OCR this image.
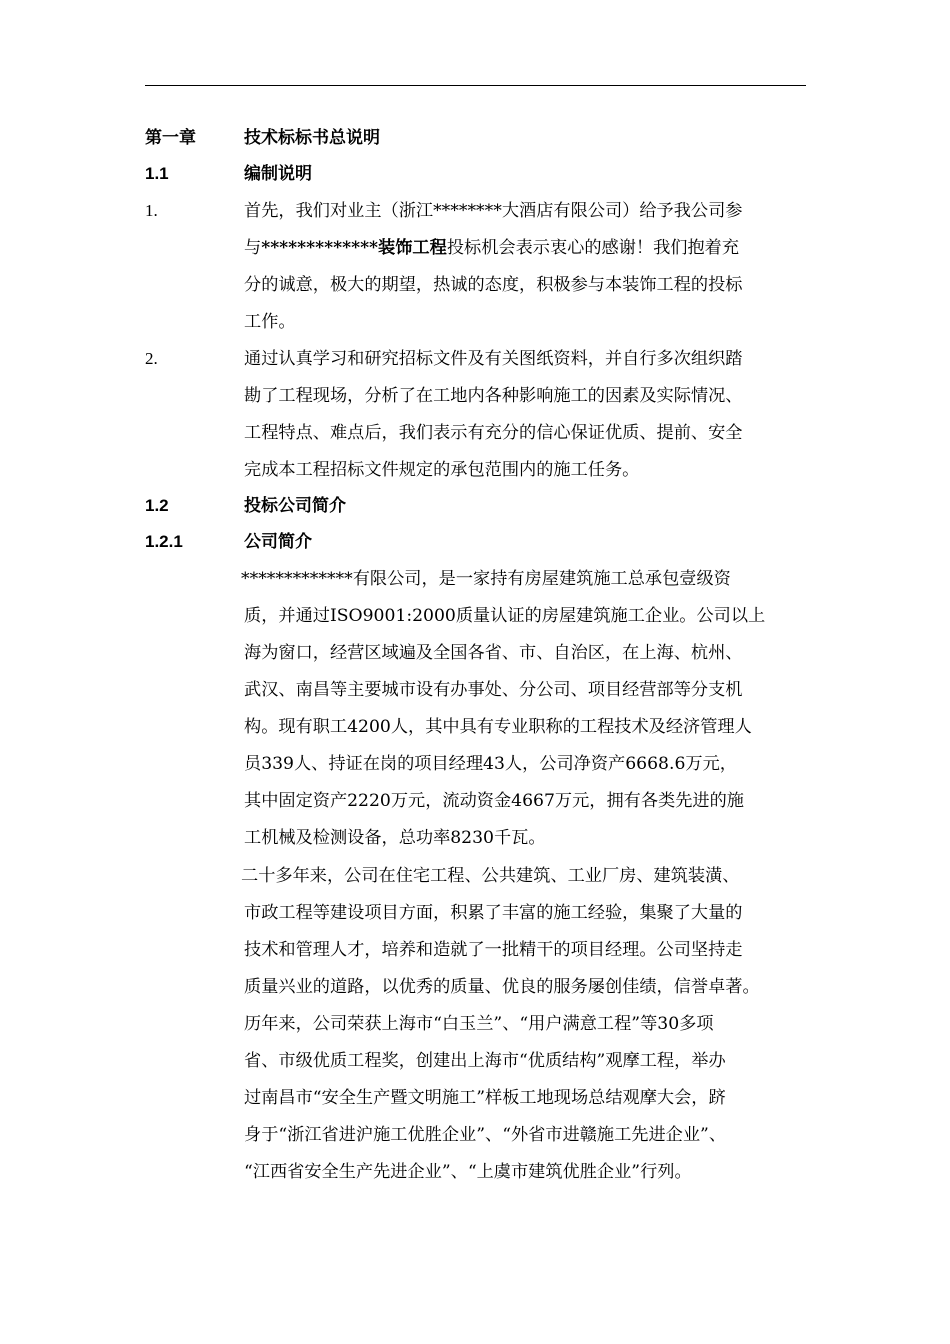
第一章	技术标标书总说明
1.1	编制说明
1.	首先，我们对业主（浙江********大酒店有限公司）给予我公司参
与*************装饰工程投标机会表示衷心的感谢！我们抱着充
分的诚意，极大的期望，热诚的态度，积极参与本装饰工程的投标
工作。
2.	通过认真学习和研究招标文件及有关图纸资料，并自行多次组织踏
勘了工程现场，分析了在工地内各种影响施工的因素及实际情况、
工程特点、难点后，我们表示有充分的信心保证优质、提前、安全
完成本工程招标文件规定的承包范围内的施工任务。
1.2	投标公司简介
1.2.1	公司简介
*************有限公司，是一家持有房屋建筑施工总承包壹级资
质，并通过ISO9001:2000质量认证的房屋建筑施工企业。公司以上
海为窗口，经营区域遍及全国各省、市、自治区，在上海、杭州、
武汉、南昌等主要城市设有办事处、分公司、项目经营部等分支机
构。现有职工4200人，其中具有专业职称的工程技术及经济管理人
员339人、持证在岗的项目经理43人，公司净资产6668.6万元，
其中固定资产2220万元，流动资金4667万元，拥有各类先进的施
工机械及检测设备，总功率8230千瓦。
二十多年来，公司在住宅工程、公共建筑、工业厂房、建筑装潢、
市政工程等建设项目方面，积累了丰富的施工经验，集聚了大量的
技术和管理人才，培养和造就了一批精干的项目经理。公司坚持走
质量兴业的道路，以优秀的质量、优良的服务屡创佳绩，信誉卓著。
历年来，公司荣获上海市“白玉兰”、“用户满意工程”等30多项
省、市级优质工程奖，创建出上海市“优质结构”观摩工程，举办
过南昌市“安全生产暨文明施工”样板工地现场总结观摩大会，跻
身于“浙江省进沪施工优胜企业”、“外省市进赣施工先进企业”、
“江西省安全生产先进企业”、“上虞市建筑优胜企业”行列。
